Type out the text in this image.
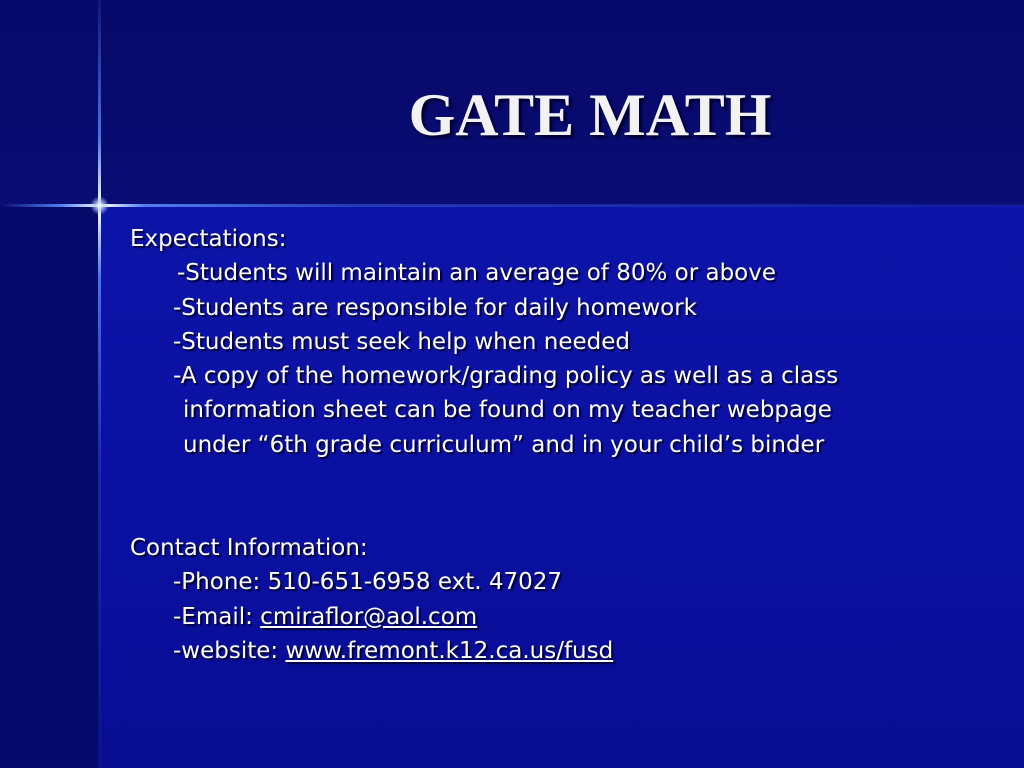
GATE MATH
Expectations:
-Students will maintain an average of 80% or above
-Students are responsible for daily homework
-Students must seek help when needed
-A copy of the homework/grading policy as well as a class
information sheet can be found on my teacher webpage
under “6th grade curriculum” and in your child’s binder
Contact Information:
-Phone: 510-651-6958 ext. 47027
-Email: cmiraflor@aol.com
-website: www.fremont.k12.ca.us/fusd
